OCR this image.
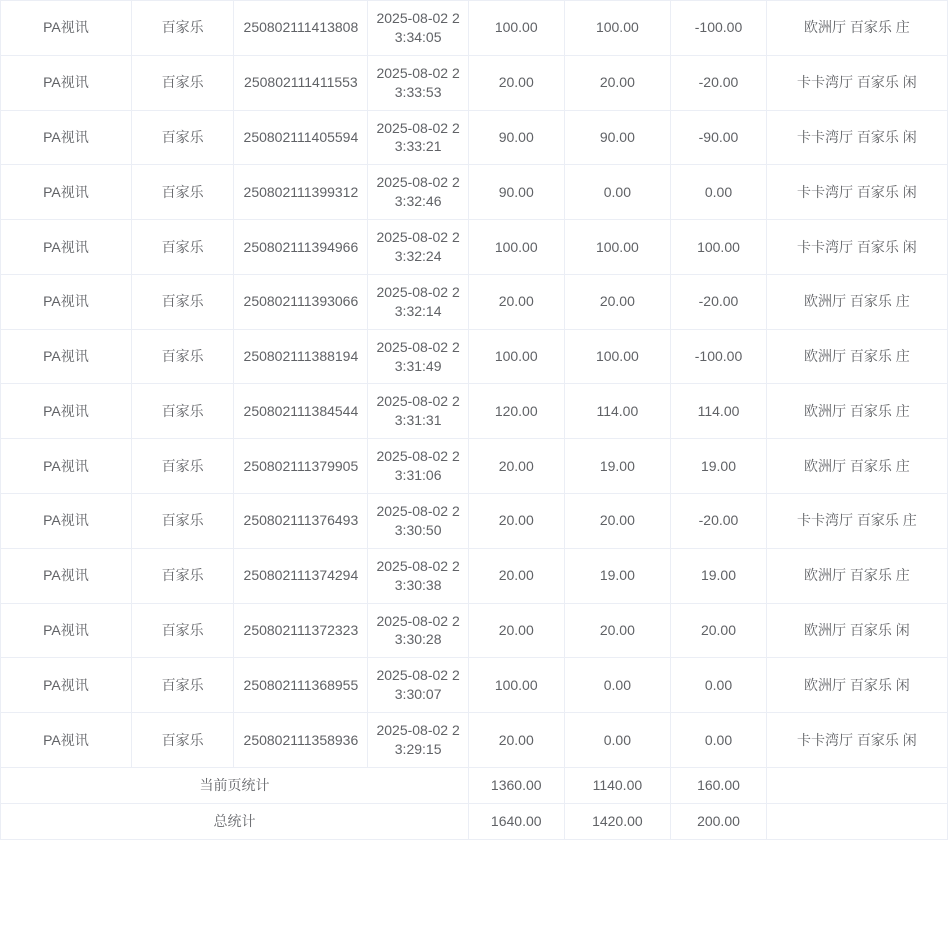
PA视讯	百家乐	250802111413808	2025-08-02 23:34:05	100.00	100.00	-100.00	欧洲厅 百家乐 庄
PA视讯	百家乐	250802111411553	2025-08-02 23:33:53	20.00	20.00	-20.00	卡卡湾厅 百家乐 闲
PA视讯	百家乐	250802111405594	2025-08-02 23:33:21	90.00	90.00	-90.00	卡卡湾厅 百家乐 闲
PA视讯	百家乐	250802111399312	2025-08-02 23:32:46	90.00	0.00	0.00	卡卡湾厅 百家乐 闲
PA视讯	百家乐	250802111394966	2025-08-02 23:32:24	100.00	100.00	100.00	卡卡湾厅 百家乐 闲
PA视讯	百家乐	250802111393066	2025-08-02 23:32:14	20.00	20.00	-20.00	欧洲厅 百家乐 庄
PA视讯	百家乐	250802111388194	2025-08-02 23:31:49	100.00	100.00	-100.00	欧洲厅 百家乐 庄
PA视讯	百家乐	250802111384544	2025-08-02 23:31:31	120.00	114.00	114.00	欧洲厅 百家乐 庄
PA视讯	百家乐	250802111379905	2025-08-02 23:31:06	20.00	19.00	19.00	欧洲厅 百家乐 庄
PA视讯	百家乐	250802111376493	2025-08-02 23:30:50	20.00	20.00	-20.00	卡卡湾厅 百家乐 庄
PA视讯	百家乐	250802111374294	2025-08-02 23:30:38	20.00	19.00	19.00	欧洲厅 百家乐 庄
PA视讯	百家乐	250802111372323	2025-08-02 23:30:28	20.00	20.00	20.00	欧洲厅 百家乐 闲
PA视讯	百家乐	250802111368955	2025-08-02 23:30:07	100.00	0.00	0.00	欧洲厅 百家乐 闲
PA视讯	百家乐	250802111358936	2025-08-02 23:29:15	20.00	0.00	0.00	卡卡湾厅 百家乐 闲
当前页统计				1360.00	1140.00	160.00	
总统计				1640.00	1420.00	200.00	
